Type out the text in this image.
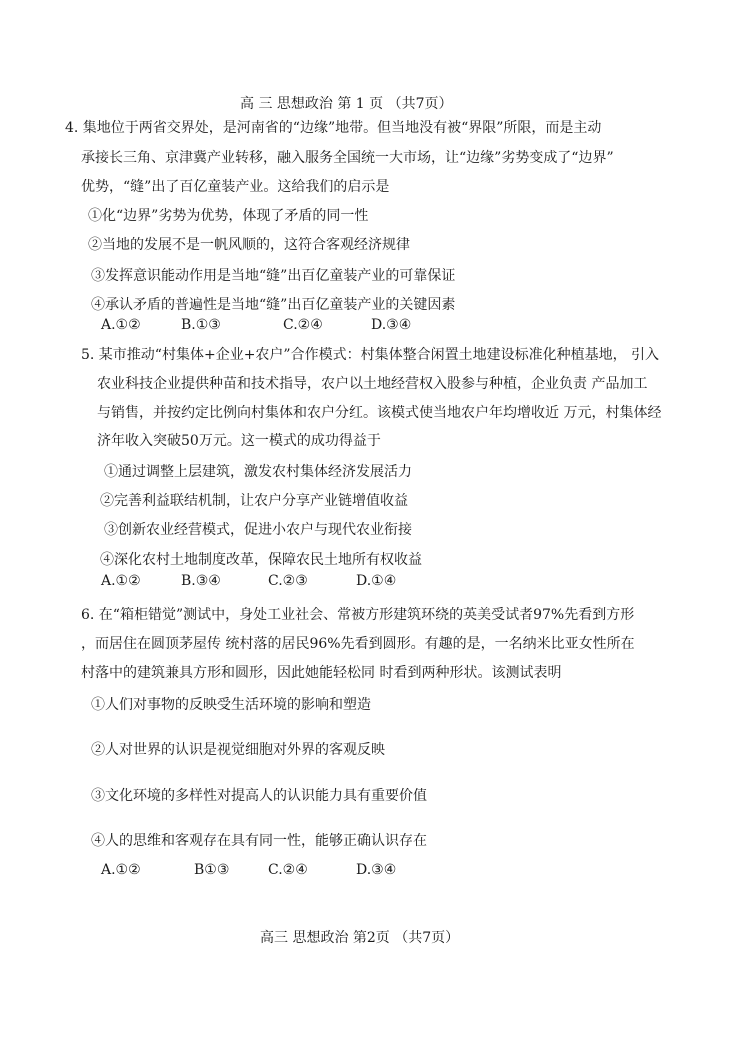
高 三 思想政治 第 1 页 （共7页）
4. 集地位于两省交界处，是河南省的“边缘”地带。但当地没有被“界限”所限，而是主动
承接长三角、京津冀产业转移，融入服务全国统一大市场，让“边缘”劣势变成了“边界”
优势，“缝”出了百亿童装产业。这给我们的启示是
①化“边界”劣势为优势，体现了矛盾的同一性
②当地的发展不是一帆风顺的，这符合客观经济规律
③发挥意识能动作用是当地“缝”出百亿童装产业的可靠保证
④承认矛盾的普遍性是当地“缝”出百亿童装产业的关键因素
A.①②	B.①③	C.②④	D.③④
5. 某市推动“村集体+企业+农户”合作模式：村集体整合闲置土地建设标准化种植基地， 引入
农业科技企业提供种苗和技术指导，农户以土地经营权入股参与种植，企业负责 产品加工
与销售，并按约定比例向村集体和农户分红。该模式使当地农户年均增收近 万元，村集体经
济年收入突破50万元。这一模式的成功得益于
①通过调整上层建筑，激发农村集体经济发展活力
②完善利益联结机制，让农户分享产业链增值收益
③创新农业经营模式，促进小农户与现代农业衔接
④深化农村土地制度改革，保障农民土地所有权收益
A.①②	B.③④	C.②③	D.①④
6. 在“箱柜错觉”测试中，身处工业社会、常被方形建筑环绕的英美受试者97%先看到方形
，而居住在圆顶茅屋传 统村落的居民96%先看到圆形。有趣的是，一名纳米比亚女性所在
村落中的建筑兼具方形和圆形，因此她能轻松同 时看到两种形状。该测试表明
①人们对事物的反映受生活环境的影响和塑造
②人对世界的认识是视觉细胞对外界的客观反映
③文化环境的多样性对提高人的认识能力具有重要价值
④人的思维和客观存在具有同一性，能够正确认识存在
A.①②	B①③	C.②④	D.③④
高三 思想政治 第2页 （共7页）
